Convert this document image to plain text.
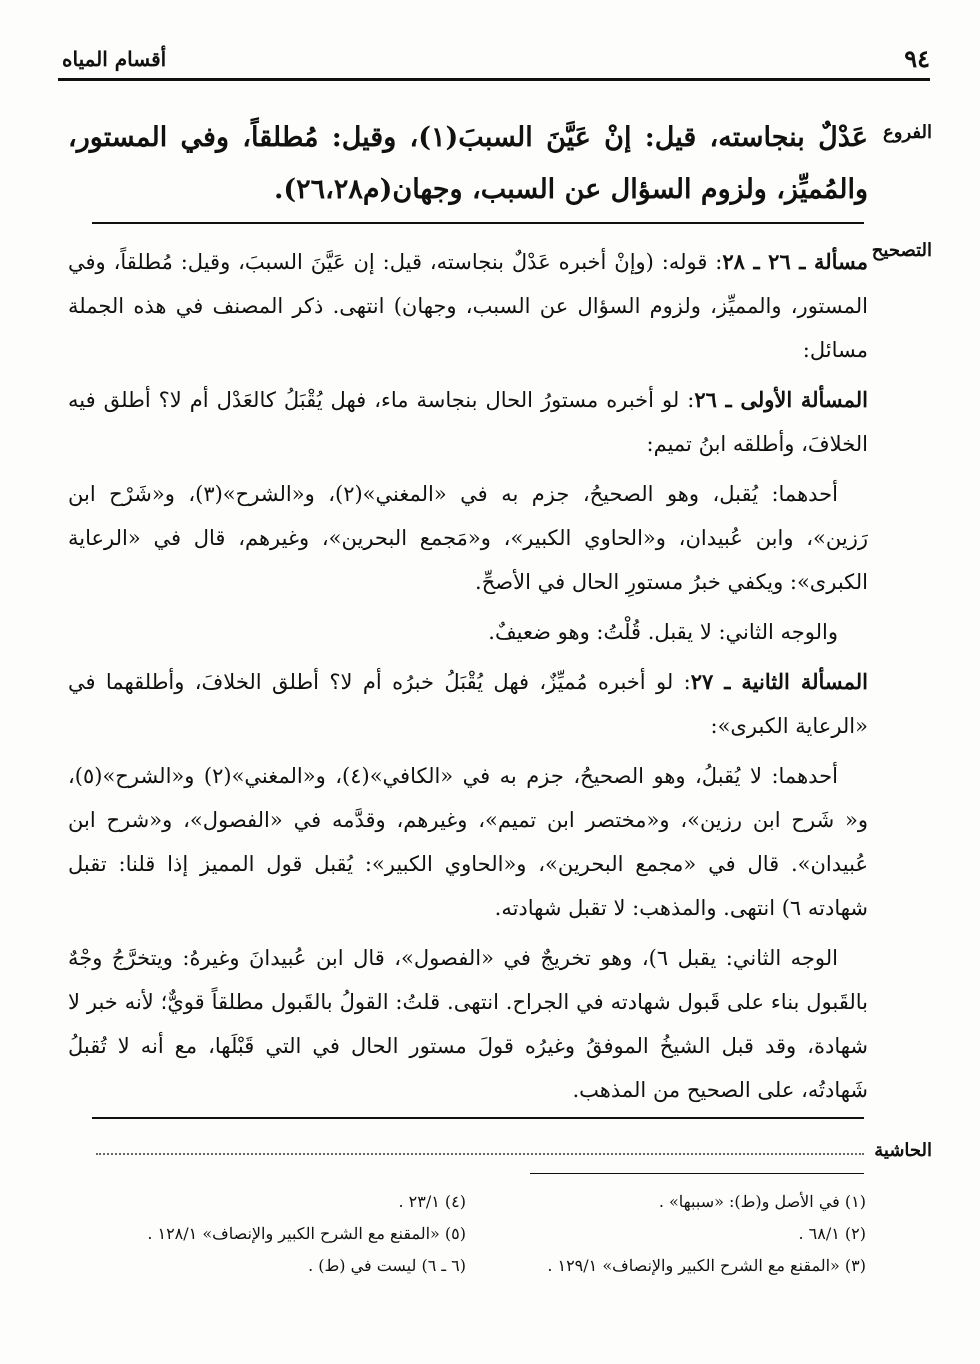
٩٤
أقسام المياه
الفروع
عَدْلٌ بنجاسته، قيل: إنْ عَيَّنَ السببَ(١)، وقيل: مُطلقاً، وفي المستور، والمُميِّز، ولزوم السؤال عن السبب، وجهان(م٢٦،٢٨).
التصحيح

مسألة ـ ٢٦ ـ ٢٨: قوله: (وإنْ أخبره عَدْلٌ بنجاسته، قيل: إن عَيَّنَ السببَ، وقيل: مُطلقاً، وفي المستور، والمميِّز، ولزوم السؤال عن السبب، وجهان) انتهى. ذكر المصنف في هذه الجملة مسائل:

المسألة الأولى ـ ٢٦: لو أخبره مستورُ الحال بنجاسة ماء، فهل يُقْبَلُ كالعَدْل أم لا؟ أطلق فيه الخلافَ، وأطلقه ابنُ تميم:

أحدهما: يُقبل، وهو الصحيحُ، جزم به في «المغني»(٢)، و«الشرح»(٣)، و«شَرْح ابن رَزين»، وابن عُبيدان، و«الحاوي الكبير»، و«مَجمع البحرين»، وغيرهم، قال في «الرعاية الكبرى»: ويكفي خبرُ مستورِ الحال في الأصحِّ.

والوجه الثاني: لا يقبل. قُلْتُ: وهو ضعيفٌ.

المسألة الثانية ـ ٢٧: لو أخبره مُميِّزٌ، فهل يُقْبَلُ خبرُه أم لا؟ أطلق الخلافَ، وأطلقهما في «الرعاية الكبرى»:

أحدهما: لا يُقبلُ، وهو الصحيحُ، جزم به في «الكافي»(٤)، و«المغني»(٢) و«الشرح»(٥)، و« شَرح ابن رزين»، و«مختصر ابن تميم»، وغيرهم، وقدَّمه في «الفصول»، و«شرح ابن عُبيدان». قال في «مجمع البحرين»، و«الحاوي الكبير»: يُقبل قول المميز إذا قلنا: تقبل شهادته ٦) انتهى. والمذهب: لا تقبل شهادته.

الوجه الثاني: يقبل ٦)، وهو تخريجٌ في «الفصول»، قال ابن عُبيدانَ وغيرهُ: ويتخرَّجُ وجْهٌ بالقَبول بناء على قَبول شهادته في الجراح. انتهى. قلتُ: القولُ بالقَبول مطلقاً قويٌّ؛ لأنه خبر لا شهادة، وقد قبل الشيخُ الموفقُ وغيرُه قولَ مستور الحال في التي قَبْلَها، مع أنه لا تُقبلُ شَهادتُه، على الصحيح من المذهب.

الحاشية
(١) في الأصل و(ط): «سببها» .
(٢) ٦٨/١ .
(٣) «المقنع مع الشرح الكبير والإنصاف» ١٢٩/١ .
(٤) ٢٣/١ .
(٥) «المقنع مع الشرح الكبير والإنصاف» ١٢٨/١ .
(٦ ـ ٦) ليست في (ط) .
